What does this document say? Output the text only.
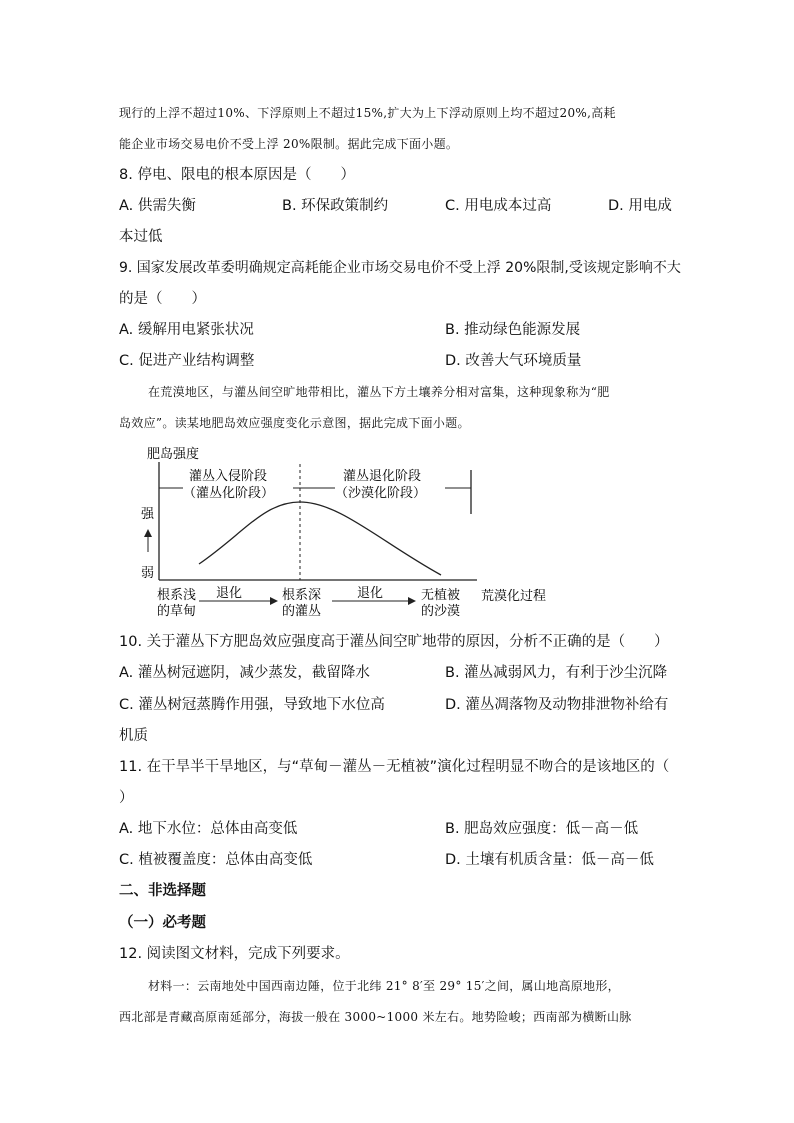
现行的上浮不超过10%、下浮原则上不超过15%,扩大为上下浮动原则上均不超过20%,高耗
能企业市场交易电价不受上浮 20%限制。据此完成下面小题。
8. 停电、限电的根本原因是（　　）
A. 供需失衡	B. 环保政策制约	C. 用电成本过高	D. 用电成
本过低
9. 国家发展改革委明确规定高耗能企业市场交易电价不受上浮 20%限制,受该规定影响不大
的是（　　）
A. 缓解用电紧张状况	B. 推动绿色能源发展
C. 促进产业结构调整	D. 改善大气环境质量
在荒漠地区，与灌丛间空旷地带相比，灌丛下方土壤养分相对富集，这种现象称为“肥
岛效应”。读某地肥岛效应强度变化示意图，据此完成下面小题。
肥岛强度
灌丛入侵阶段
（灌丛化阶段）
灌丛退化阶段
（沙漠化阶段）
强
弱
荒漠化过程
根系浅
的草甸
根系深
的灌丛
无植被
的沙漠
退化	退化
10. 关于灌丛下方肥岛效应强度高于灌丛间空旷地带的原因，分析不正确的是（　　）
A. 灌丛树冠遮阴，减少蒸发，截留降水	B. 灌丛减弱风力，有利于沙尘沉降
C. 灌丛树冠蒸腾作用强，导致地下水位高	D. 灌丛凋落物及动物排泄物补给有
机质
11. 在干旱半干旱地区，与“草甸－灌丛－无植被”演化过程明显不吻合的是该地区的（
）
A. 地下水位：总体由高变低	B. 肥岛效应强度：低－高－低
C. 植被覆盖度：总体由高变低	D. 土壤有机质含量：低－高－低
二、非选择题
（一）必考题
12. 阅读图文材料，完成下列要求。
材料一：云南地处中国西南边陲，位于北纬 21° 8′至 29° 15′之间，属山地高原地形，
西北部是青藏高原南延部分，海拔一般在 3000~1000 米左右。地势险峻；西南部为横断山脉
